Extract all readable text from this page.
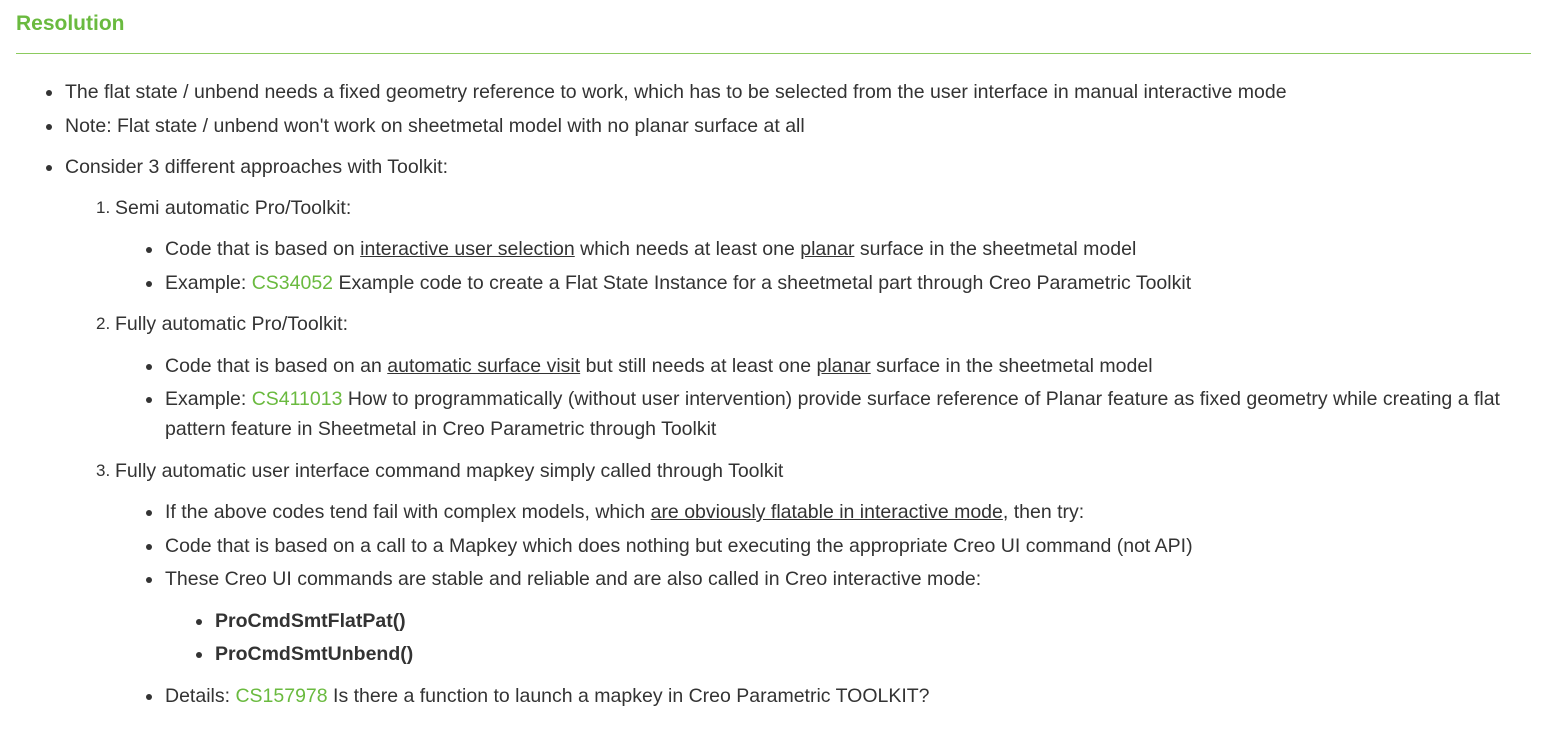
Resolution
The flat state / unbend needs a fixed geometry reference to work, which has to be selected from the user interface in manual interactive mode
Note: Flat state / unbend won't work on sheetmetal model with no planar surface at all
Consider 3 different approaches with Toolkit:
1. Semi automatic Pro/Toolkit:
Code that is based on interactive user selection which needs at least one planar surface in the sheetmetal model
Example: CS34052 Example code to create a Flat State Instance for a sheetmetal part through Creo Parametric Toolkit
2. Fully automatic Pro/Toolkit:
Code that is based on an automatic surface visit but still needs at least one planar surface in the sheetmetal model
Example: CS411013 How to programmatically (without user intervention) provide surface reference of Planar feature as fixed geometry while creating a flat pattern feature in Sheetmetal in Creo Parametric through Toolkit
3. Fully automatic user interface command mapkey simply called through Toolkit
If the above codes tend fail with complex models, which are obviously flatable in interactive mode, then try:
Code that is based on a call to a Mapkey which does nothing but executing the appropriate Creo UI command (not API)
These Creo UI commands are stable and reliable and are also called in Creo interactive mode:
ProCmdSmtFlatPat()
ProCmdSmtUnbend()
Details: CS157978 Is there a function to launch a mapkey in Creo Parametric TOOLKIT?
